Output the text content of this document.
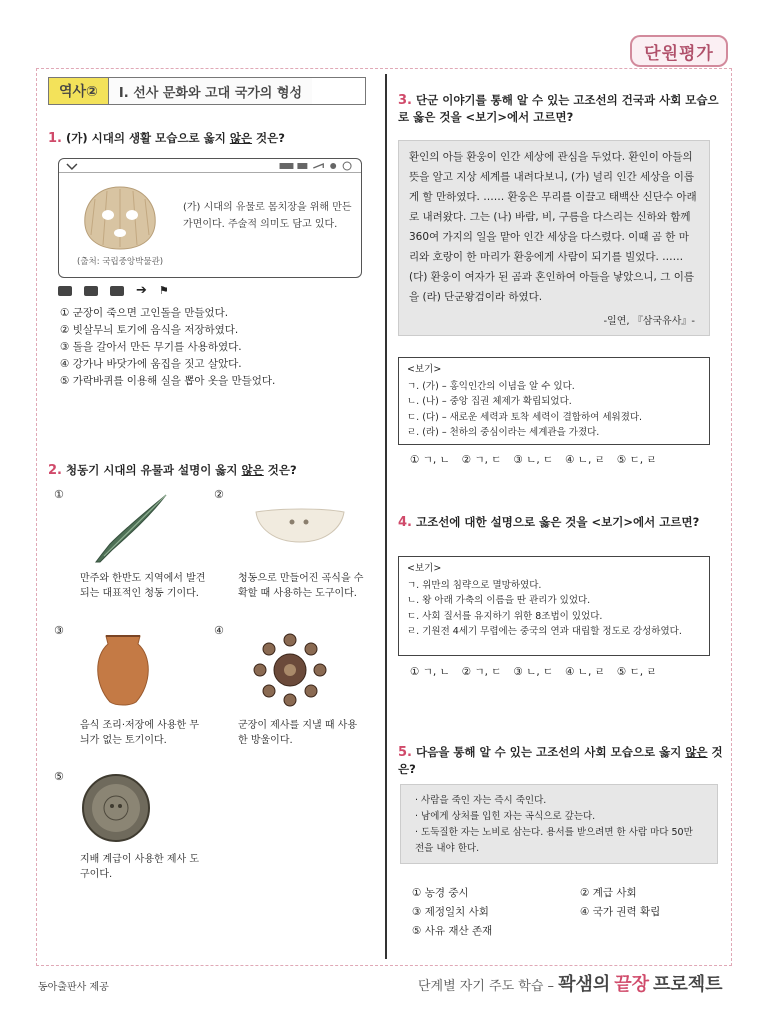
단원평가
역사②	Ⅰ. 선사 문화와 고대 국가의 형성
1. (가) 시대의 생활 모습으로 옳지 않은 것은?
(가) 시대의 유물로 몸치장을 위해 만든 가면이다. 주술적 의미도 담고 있다.
(출처: 국립중앙박물관)
➔ ⚑
① 군장이 죽으면 고인돌을 만들었다.
② 빗살무늬 토기에 음식을 저장하였다.
③ 돌을 갈아서 만든 무기를 사용하였다.
④ 강가나 바닷가에 움집을 짓고 살았다.
⑤ 가락바퀴를 이용해 실을 뽑아 옷을 만들었다.
2. 청동기 시대의 유물과 설명이 옳지 않은 것은?
①
만주와 한반도 지역에서 발견되는 대표적인 청동 기이다.
②
청동으로 만들어진 곡식을 수확할 때 사용하는 도구이다.
③
음식 조리·저장에 사용한 무늬가 없는 토기이다.
④
군장이 제사를 지낼 때 사용한 방울이다.
⑤
지배 계급이 사용한 제사 도구이다.
3. 단군 이야기를 통해 알 수 있는 고조선의 건국과 사회 모습으로 옳은 것을 <보기>에서 고르면?
환인의 아들 환웅이 인간 세상에 관심을 두었다. 환인이 아들의 뜻을 알고 지상 세계를 내려다보니, (가) 널리 인간 세상을 이롭게 할 만하였다. …… 환웅은 무리를 이끌고 태백산 신단수 아래로 내려왔다. 그는 (나) 바람, 비, 구름을 다스리는 신하와 함께 360여 가지의 일을 맡아 인간 세상을 다스렸다. 이때 곰 한 마리와 호랑이 한 마리가 환웅에게 사람이 되기를 빌었다. …… (다) 환웅이 여자가 된 곰과 혼인하여 아들을 낳았으니, 그 이름을 (라) 단군왕검이라 하였다.
-일연, 『삼국유사』-
<보기>
ㄱ. (가) – 홍익인간의 이념을 알 수 있다.
ㄴ. (나) – 중앙 집권 체제가 확립되었다.
ㄷ. (다) – 새로운 세력과 토착 세력이 결합하여 세워졌다.
ㄹ. (라) – 천하의 중심이라는 세계관을 가졌다.
① ㄱ, ㄴ ② ㄱ, ㄷ ③ ㄴ, ㄷ ④ ㄴ, ㄹ ⑤ ㄷ, ㄹ
4. 고조선에 대한 설명으로 옳은 것을 <보기>에서 고르면?
<보기>
ㄱ. 위만의 침략으로 멸망하였다.
ㄴ. 왕 아래 가축의 이름을 딴 관리가 있었다.
ㄷ. 사회 질서를 유지하기 위한 8조법이 있었다.
ㄹ. 기원전 4세기 무렵에는 중국의 연과 대립할 정도로 강성하였다.
① ㄱ, ㄴ ② ㄱ, ㄷ ③ ㄴ, ㄷ ④ ㄴ, ㄹ ⑤ ㄷ, ㄹ
5. 다음을 통해 알 수 있는 고조선의 사회 모습으로 옳지 않은 것은?
· 사람을 죽인 자는 즉시 죽인다.
· 남에게 상처를 입힌 자는 곡식으로 갚는다.
· 도둑질한 자는 노비로 삼는다. 용서를 받으려면 한 사람 마다 50만 전을 내야 한다.
① 농경 중시	② 계급 사회
③ 제정일치 사회	④ 국가 권력 확립
⑤ 사유 재산 존재
동아출판사 제공	단계별 자기 주도 학습 – 꽉샘의 끝장 프로젝트
